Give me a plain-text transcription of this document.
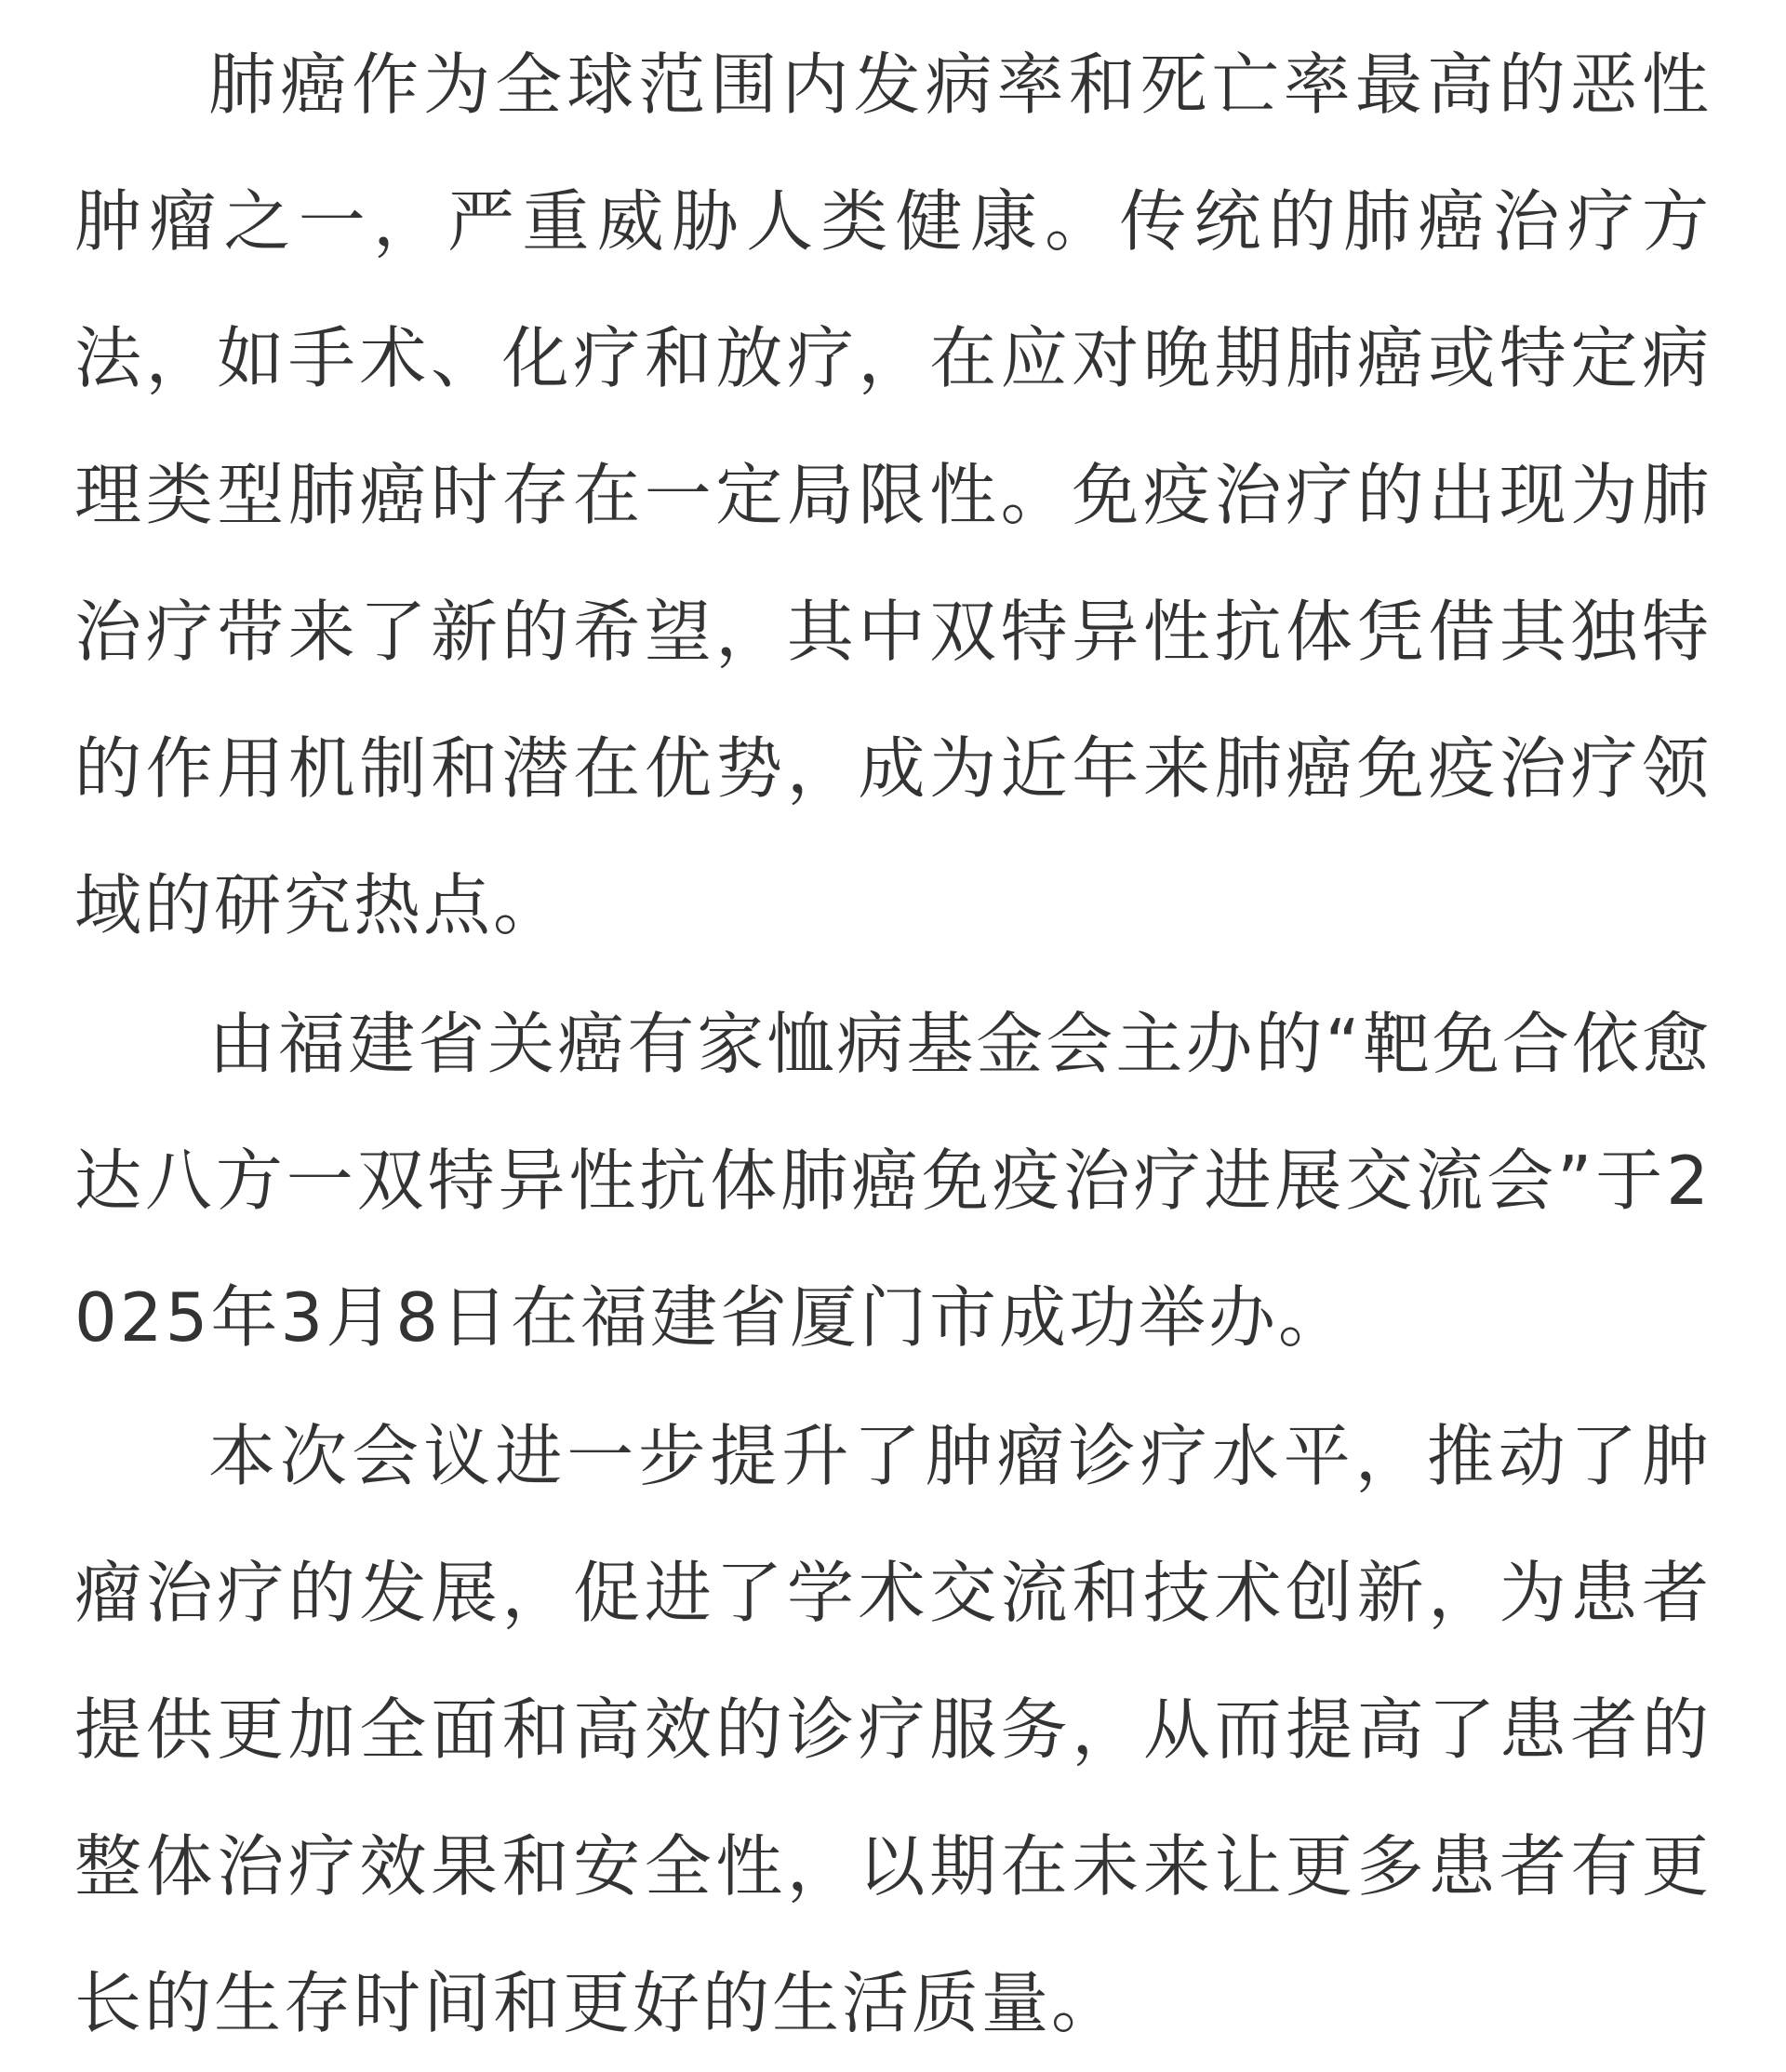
肺癌作为全球范围内发病率和死亡率最高的恶性肿瘤之一，严重威胁人类健康。传统的肺癌治疗方法，如手术、化疗和放疗，在应对晚期肺癌或特定病理类型肺癌时存在一定局限性。免疫治疗的出现为肺治疗带来了新的希望，其中双特异性抗体凭借其独特的作用机制和潜在优势，成为近年来肺癌免疫治疗领域的研究热点。

由福建省关癌有家恤病基金会主办的“靶免合依愈达八方一双特异性抗体肺癌免疫治疗进展交流会”于2025年3月8日在福建省厦门市成功举办。

本次会议进一步提升了肿瘤诊疗水平，推动了肿瘤治疗的发展，促进了学术交流和技术创新，为患者提供更加全面和高效的诊疗服务，从而提高了患者的整体治疗效果和安全性，以期在未来让更多患者有更长的生存时间和更好的生活质量。
